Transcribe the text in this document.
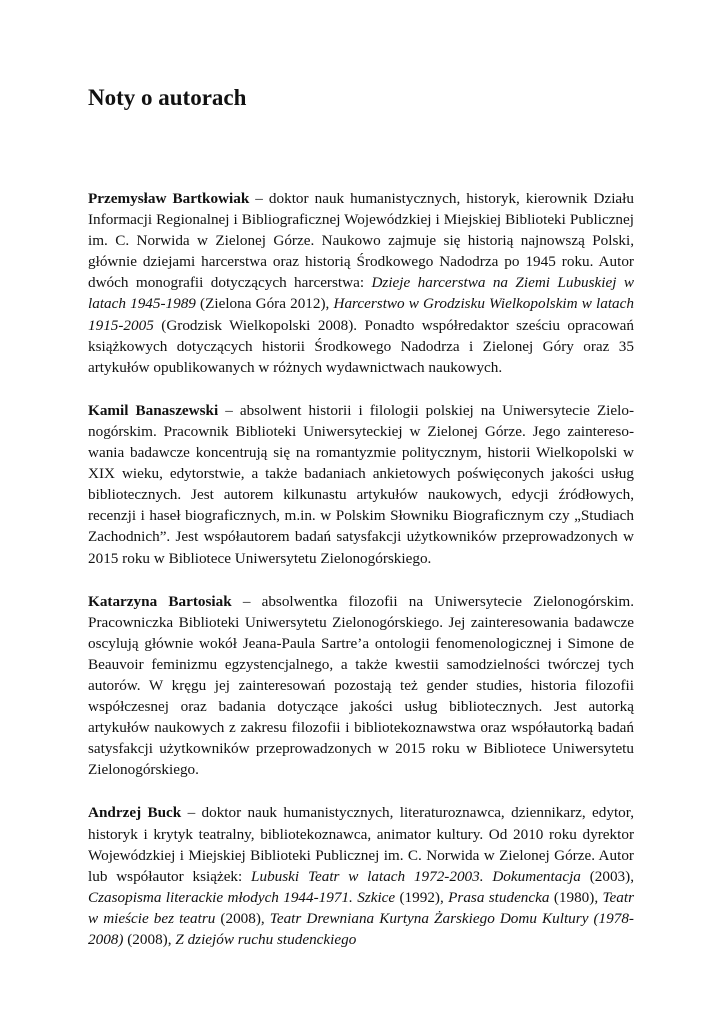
Noty o autorach

Przemysław Bartkowiak – doktor nauk humanistycznych, historyk, kierownik Działu Informacji Regionalnej i Bibliograficznej Wojewódzkiej i Miejskiej Biblioteki Publicznej im. C. Norwida w Zielonej Górze. Naukowo zajmuje się historią najnowszą Polski, głównie dziejami harcerstwa oraz historią Środkowego Nadodrza po 1945 roku. Autor dwóch monografii dotyczących harcerstwa: Dzieje harcerstwa na Ziemi Lubuskiej w latach 1945-1989 (Zielona Góra 2012), Harcerstwo w Grodzisku Wielkopolskim w latach 1915-2005 (Grodzisk Wielkopolski 2008). Ponadto współredaktor sześciu opracowań książkowych dotyczących historii Środkowego Nadodrza i Zielonej Góry oraz 35 artykułów opublikowanych w różnych wydawnictwach naukowych.

Kamil Banaszewski – absolwent historii i filologii polskiej na Uniwersytecie Zielonogórskim. Pracownik Biblioteki Uniwersyteckiej w Zielonej Górze. Jego zainteresowania badawcze koncentrują się na romantyzmie politycznym, historii Wielkopolski w XIX wieku, edytorstwie, a także badaniach ankietowych poświęconych jakości usług bibliotecznych. Jest autorem kilkunastu artykułów naukowych, edycji źródłowych, recenzji i haseł biograficznych, m.in. w Polskim Słowniku Biograficznym czy „Studiach Zachodnich”. Jest współautorem badań satysfakcji użytkowników przeprowadzonych w 2015 roku w Bibliotece Uniwersytetu Zielonogórskiego.

Katarzyna Bartosiak – absolwentka filozofii na Uniwersytecie Zielonogórskim. Pracowniczka Biblioteki Uniwersytetu Zielonogórskiego. Jej zainteresowania badawcze oscylują głównie wokół Jeana-Paula Sartre’a ontologii fenomenologicznej i Simone de Beauvoir feminizmu egzystencjalnego, a także kwestii samodzielności twórczej tych autorów. W kręgu jej zainteresowań pozostają też gender studies, historia filozofii współczesnej oraz badania dotyczące jakości usług bibliotecznych. Jest autorką artykułów naukowych z zakresu filozofii i bibliotekoznawstwa oraz współautorką badań satysfakcji użytkowników przeprowadzonych w 2015 roku w Bibliotece Uniwersytetu Zielonogórskiego.

Andrzej Buck – doktor nauk humanistycznych, literaturoznawca, dziennikarz, edytor, historyk i krytyk teatralny, bibliotekoznawca, animator kultury. Od 2010 roku dyrektor Wojewódzkiej i Miejskiej Biblioteki Publicznej im. C. Norwida w Zielonej Górze. Autor lub współautor książek: Lubuski Teatr w latach 1972-2003. Dokumentacja (2003), Czasopisma literackie młodych 1944-1971. Szkice (1992), Prasa studencka (1980), Teatr w mieście bez teatru (2008), Teatr Drewniana Kurtyna Żarskiego Domu Kultury (1978-2008) (2008), Z dziejów ruchu studenckiego
